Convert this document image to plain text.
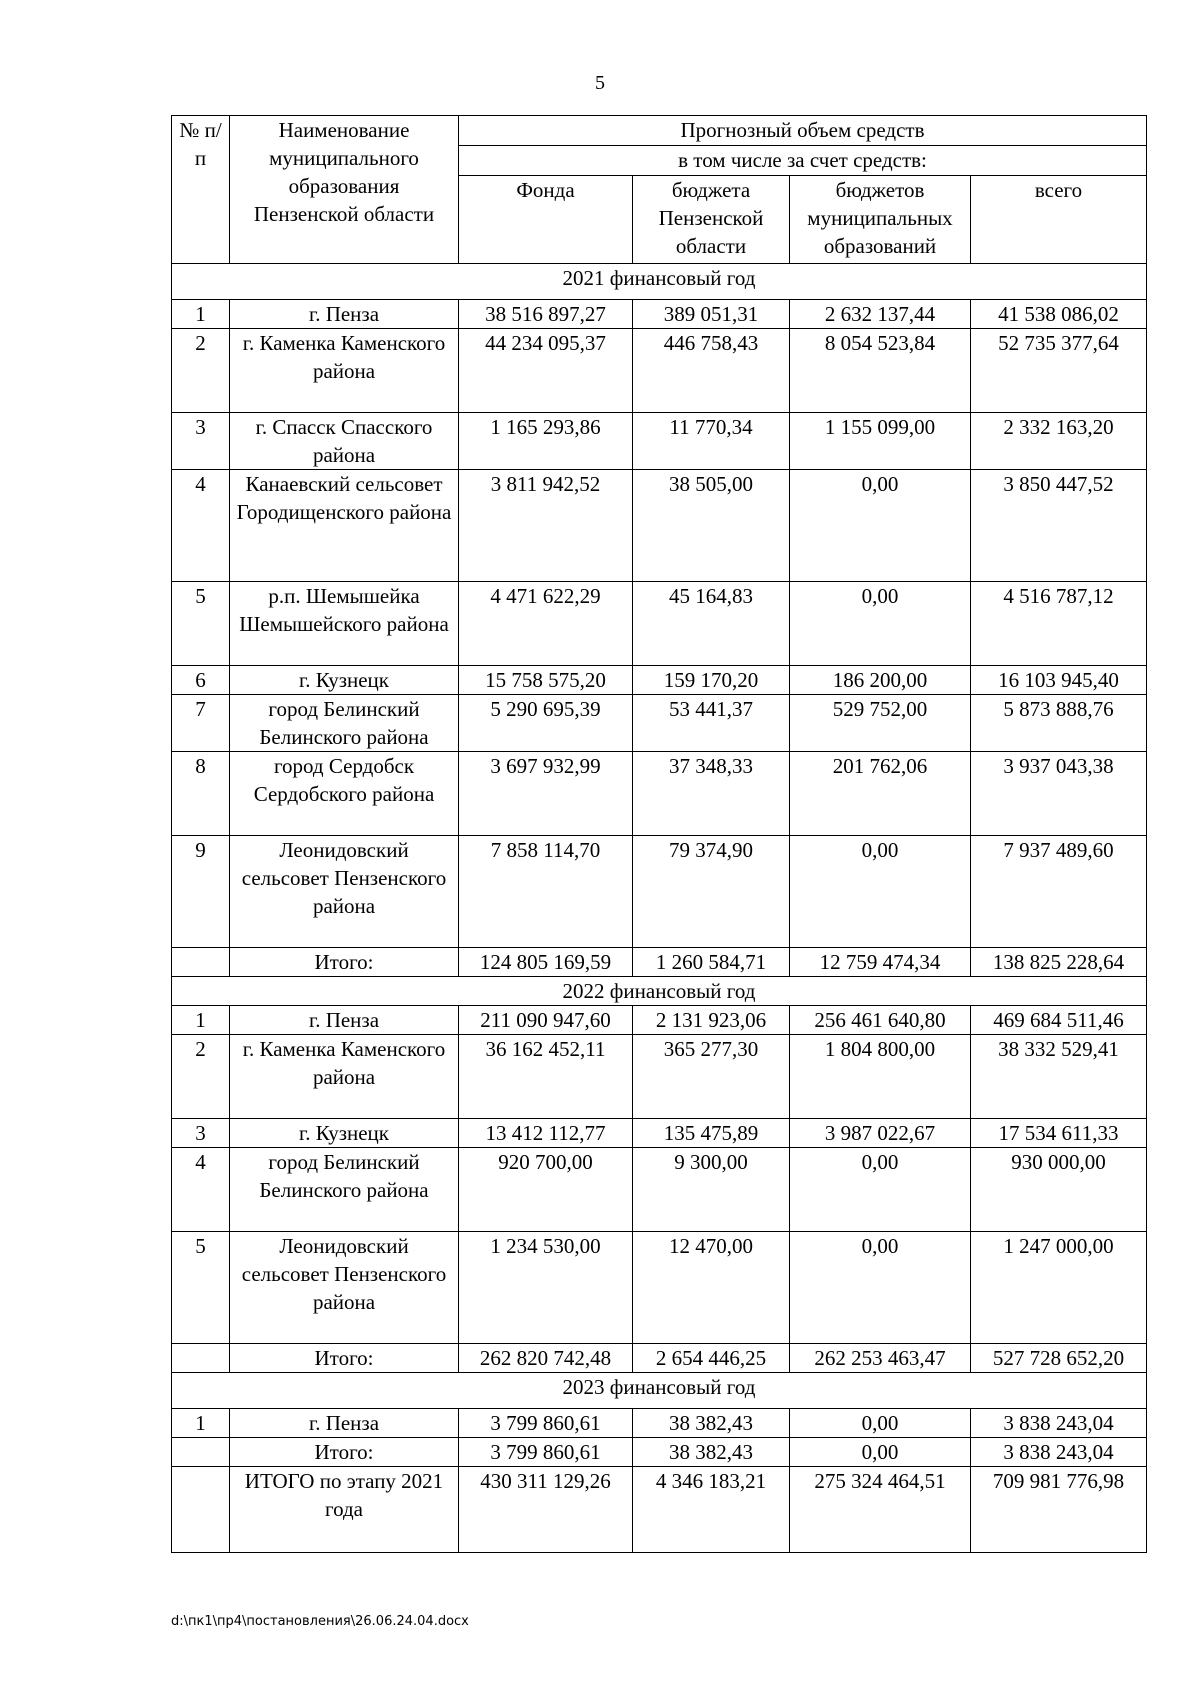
5
№ п/п	Наименование муниципального образования Пензенской области	Прогнозный объем средств			
		в том числе за счет средств:			
		Фонда	бюджета Пензенской области	бюджетов муниципальных образований	всего
2021 финансовый год					
1	г. Пенза	38 516 897,27	389 051,31	2 632 137,44	41 538 086,02
2	г. Каменка Каменского района	44 234 095,37	446 758,43	8 054 523,84	52 735 377,64
3	г. Спасск Спасского района	1 165 293,86	11 770,34	1 155 099,00	2 332 163,20
4	Канаевский сельсовет Городищенского района	3 811 942,52	38 505,00	0,00	3 850 447,52
5	р.п. Шемышейка Шемышейского района	4 471 622,29	45 164,83	0,00	4 516 787,12
6	г. Кузнецк	15 758 575,20	159 170,20	186 200,00	16 103 945,40
7	город Белинский Белинского района	5 290 695,39	53 441,37	529 752,00	5 873 888,76
8	город Сердобск Сердобского района	3 697 932,99	37 348,33	201 762,06	3 937 043,38
9	Леонидовский сельсовет Пензенского района	7 858 114,70	79 374,90	0,00	7 937 489,60
	Итого:	124 805 169,59	1 260 584,71	12 759 474,34	138 825 228,64
2022 финансовый год					
1	г. Пенза	211 090 947,60	2 131 923,06	256 461 640,80	469 684 511,46
2	г. Каменка Каменского района	36 162 452,11	365 277,30	1 804 800,00	38 332 529,41
3	г. Кузнецк	13 412 112,77	135 475,89	3 987 022,67	17 534 611,33
4	город Белинский Белинского района	920 700,00	9 300,00	0,00	930 000,00
5	Леонидовский сельсовет Пензенского района	1 234 530,00	12 470,00	0,00	1 247 000,00
	Итого:	262 820 742,48	2 654 446,25	262 253 463,47	527 728 652,20
2023 финансовый год					
1	г. Пенза	3 799 860,61	38 382,43	0,00	3 838 243,04
	Итого:	3 799 860,61	38 382,43	0,00	3 838 243,04
	ИТОГО по этапу 2021 года	430 311 129,26	4 346 183,21	275 324 464,51	709 981 776,98
d:\пк1\пр4\постановления\26.06.24.04.docx
